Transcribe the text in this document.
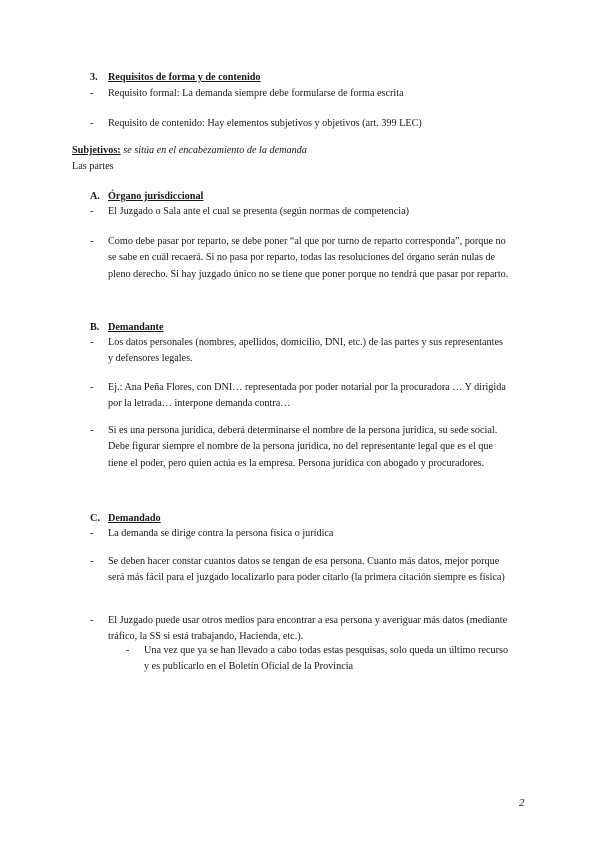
3. Requisitos de forma y de contenido
- Requisito formal: La demanda siempre debe formularse de forma escrita
- Requisito de contenido: Hay elementos subjetivos y objetivos (art. 399 LEC)
Subjetivos: se sitúa en el encabezamiento de la demanda
Las partes
A. Órgano jurisdiccional
- El Juzgado o Sala ante el cual se presenta (según normas de competencia)
- Como debe pasar por reparto, se debe poner “al que por turno de reparto corresponda”, porque no se sabe en cuál recaerá. Si no pasa por reparto, todas las resoluciones del órgano serán nulas de pleno derecho. Si hay juzgado único no se tiene que poner porque no tendrá que pasar por reparto.
B. Demandante
- Los datos personales (nombres, apellidos, domicilio, DNI, etc.) de las partes y sus representantes y defensores legales.
- Ej.: Ana Peña Flores, con DNI… representada por poder notarial por la procuradora … Y dirigida por la letrada… interpone demanda contra…
- Si es una persona jurídica, deberá determinarse el nombre de la persona jurídica, su sede social. Debe figurar siempre el nombre de la persona jurídica, no del representante legal que es el que tiene el poder, pero quien actúa es la empresa. Persona jurídica con abogado y procuradores.
C. Demandado
- La demanda se dirige contra la persona física o jurídica
- Se deben hacer constar cuantos datos se tengan de esa persona. Cuanto más datos, mejor porque será más fácil para el juzgado localizarlo para poder citarlo (la primera citación siempre es física)
- El Juzgado puede usar otros medios para encontrar a esa persona y averiguar más datos (mediante tráfico, la SS si está trabajando, Hacienda, etc.).
- Una vez que ya se han llevado a cabo todas estas pesquisas, solo queda un último recurso y es publicarlo en el Boletín Oficial de la Provincia
2
